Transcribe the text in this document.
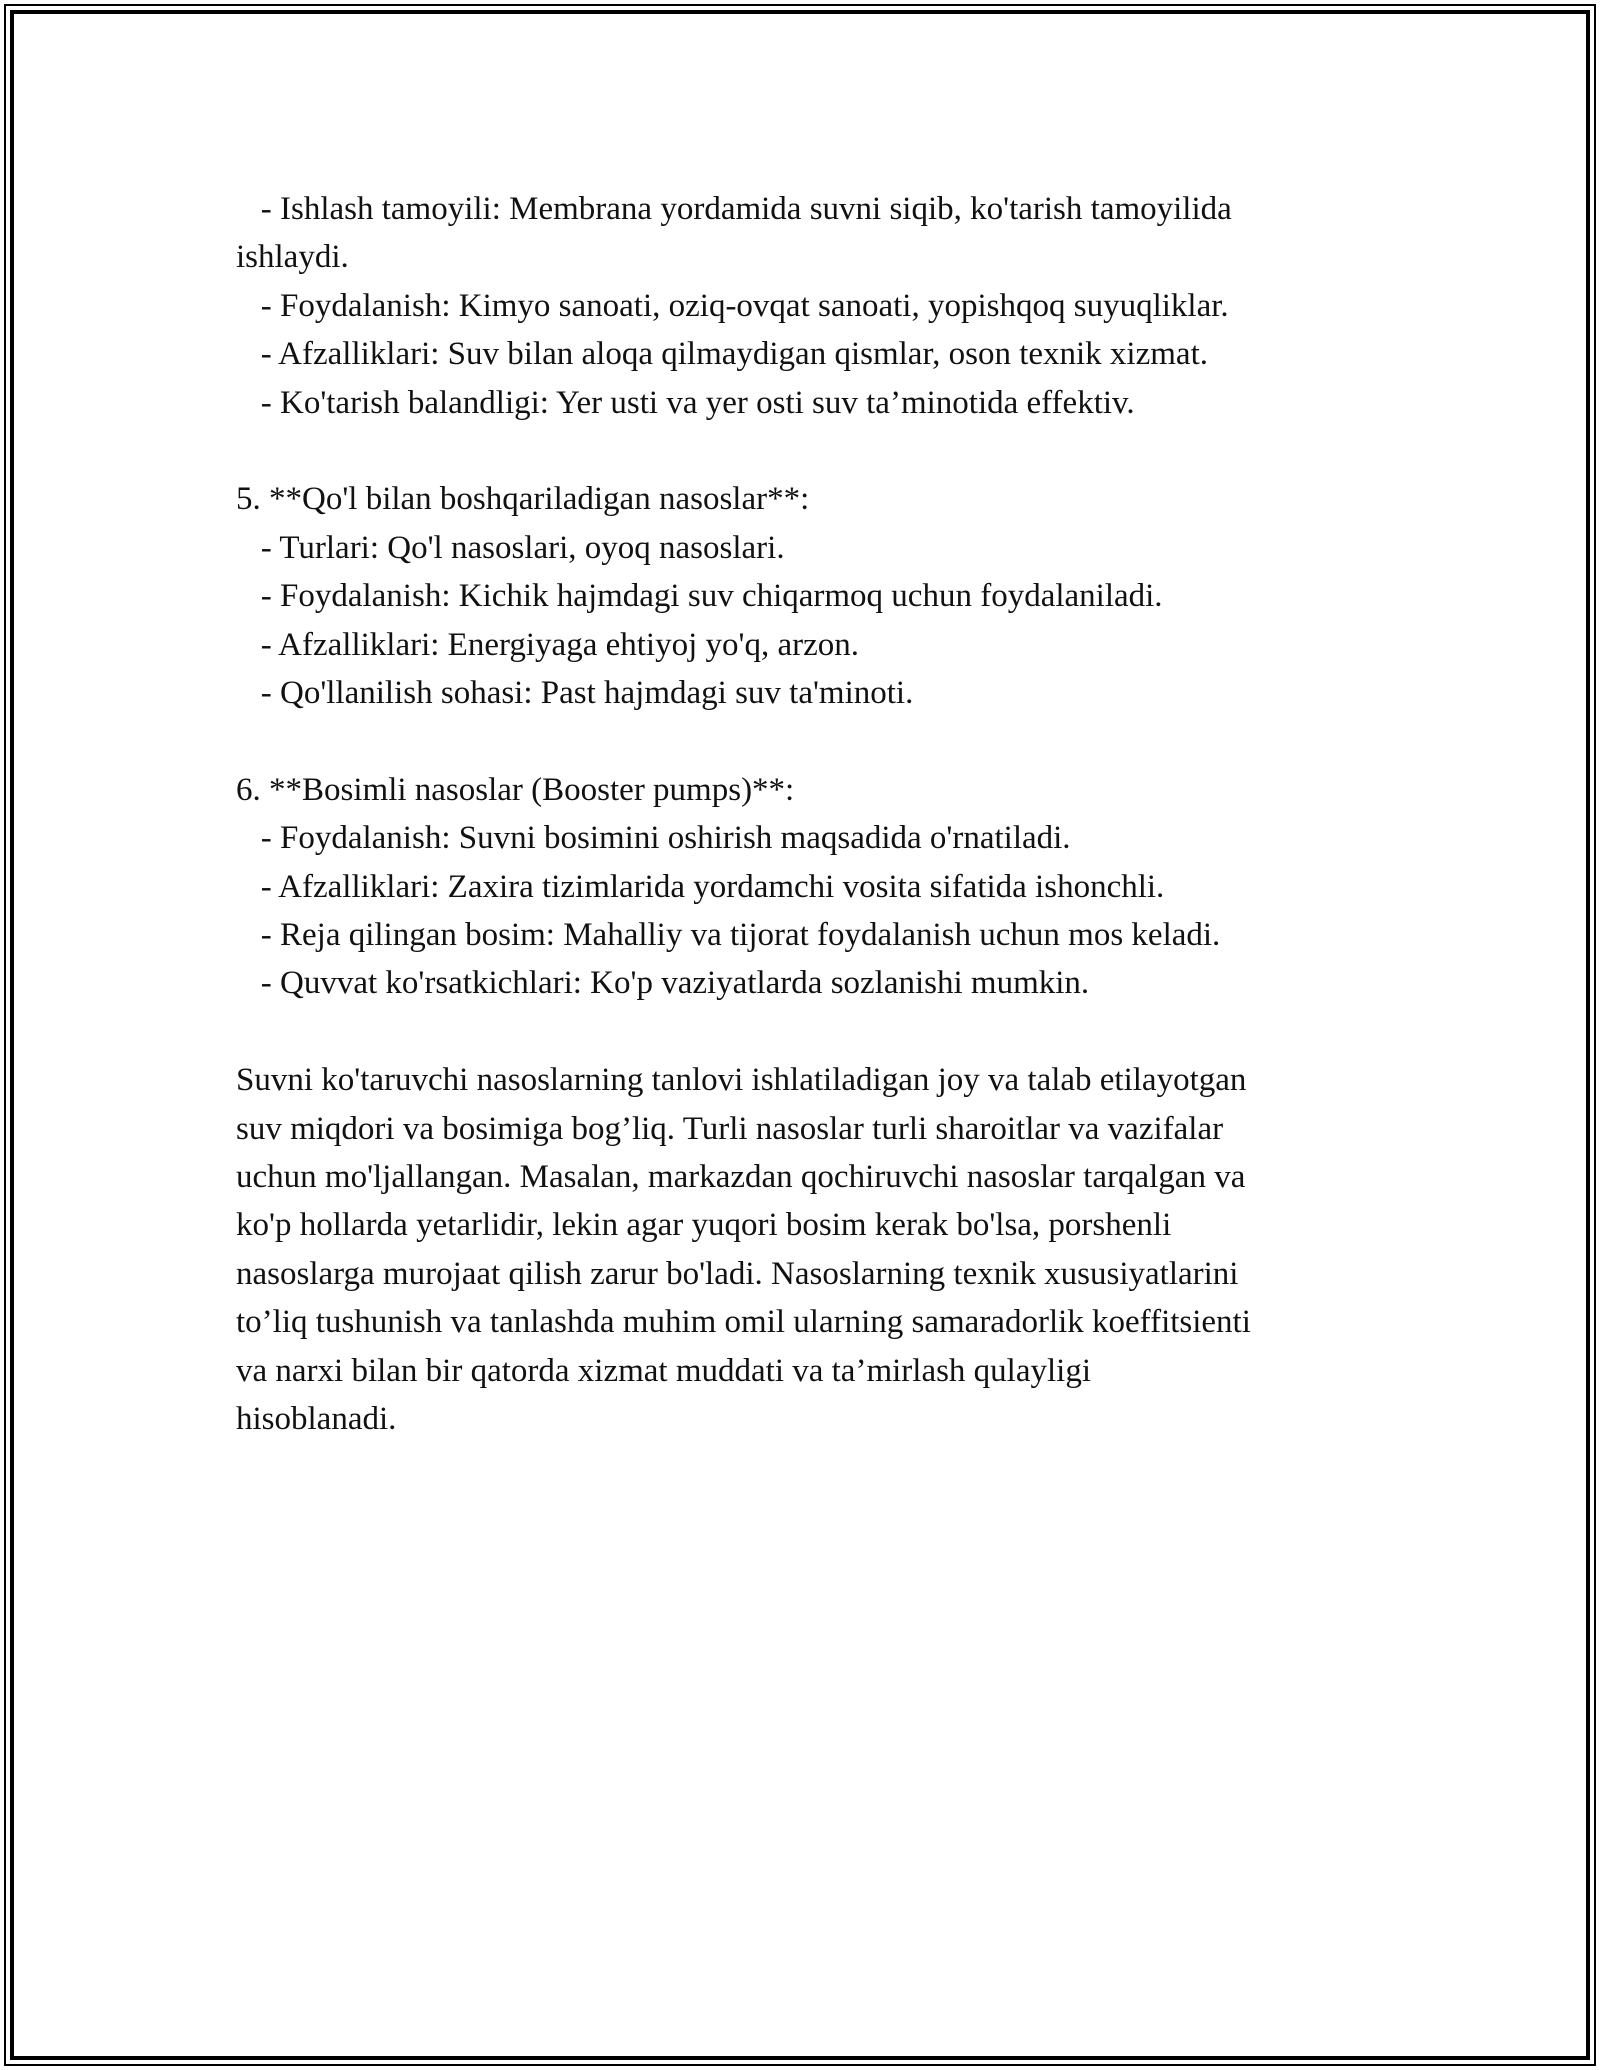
- Ishlash tamoyili: Membrana yordamida suvni siqib, ko'tarish tamoyilida
ishlaydi.
- Foydalanish: Kimyo sanoati, oziq-ovqat sanoati, yopishqoq suyuqliklar.
- Afzalliklari: Suv bilan aloqa qilmaydigan qismlar, oson texnik xizmat.
- Ko'tarish balandligi: Yer usti va yer osti suv ta’minotida effektiv.
5. **Qo'l bilan boshqariladigan nasoslar**:
- Turlari: Qo'l nasoslari, oyoq nasoslari.
- Foydalanish: Kichik hajmdagi suv chiqarmoq uchun foydalaniladi.
- Afzalliklari: Energiyaga ehtiyoj yo'q, arzon.
- Qo'llanilish sohasi: Past hajmdagi suv ta'minoti.
6. **Bosimli nasoslar (Booster pumps)**:
- Foydalanish: Suvni bosimini oshirish maqsadida o'rnatiladi.
- Afzalliklari: Zaxira tizimlarida yordamchi vosita sifatida ishonchli.
- Reja qilingan bosim: Mahalliy va tijorat foydalanish uchun mos keladi.
- Quvvat ko'rsatkichlari: Ko'p vaziyatlarda sozlanishi mumkin.
Suvni ko'taruvchi nasoslarning tanlovi ishlatiladigan joy va talab etilayotgan
suv miqdori va bosimiga bog’liq. Turli nasoslar turli sharoitlar va vazifalar
uchun mo'ljallangan. Masalan, markazdan qochiruvchi nasoslar tarqalgan va
ko'p hollarda yetarlidir, lekin agar yuqori bosim kerak bo'lsa, porshenli
nasoslarga murojaat qilish zarur bo'ladi. Nasoslarning texnik xususiyatlarini
to’liq tushunish va tanlashda muhim omil ularning samaradorlik koeffitsienti
va narxi bilan bir qatorda xizmat muddati va ta’mirlash qulayligi
hisoblanadi.
